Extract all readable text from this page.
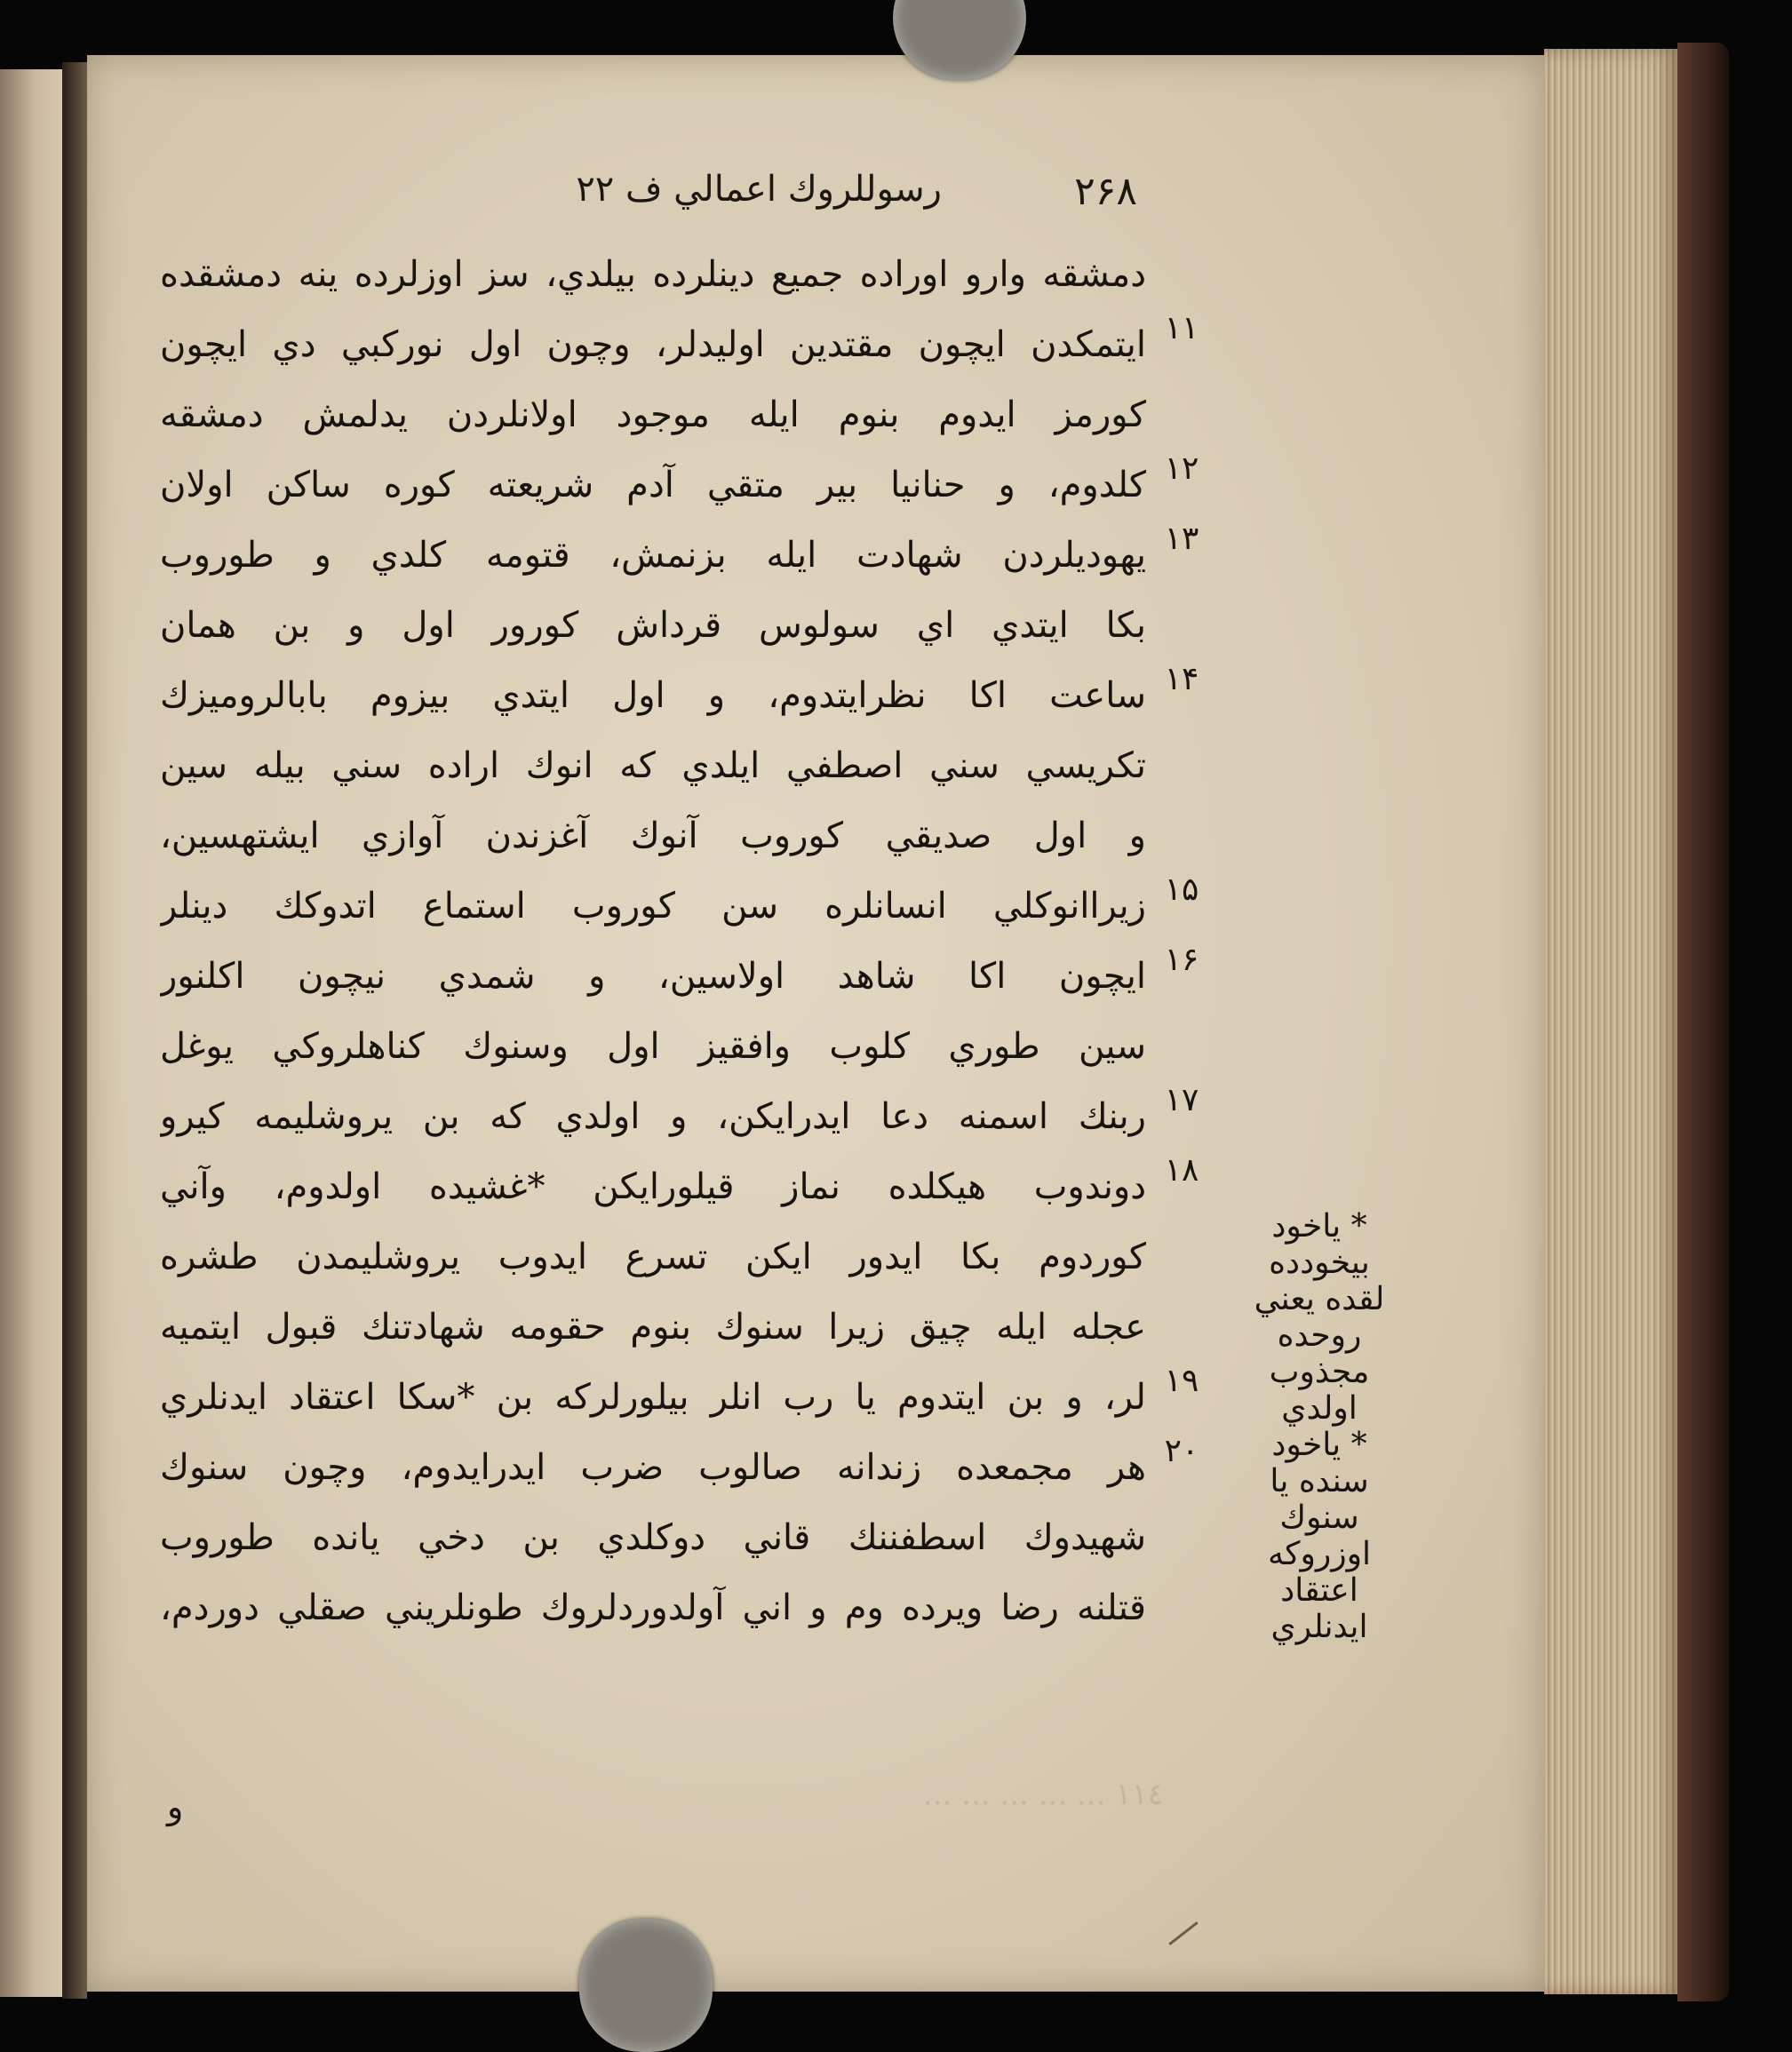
۲۶۸
رسوللروك اعمالي ف ۲۲
دمشقه وارو اوراده جميع دينلرده بيلدي، سز اوزلرده ينه دمشقده
ايتمكدن ايچون مقتدين اوليدلر، وچون اول نوركبي دي ايچون
كورمز ايدوم بنوم ايله موجود اولانلردن يدلمش دمشقه
كلدوم، و حنانيا بير متقي آدم شريعته كوره ساكن اولان
يهوديلردن شهادت ايله بزنمش، قتومه كلدي و طوروب
بكا ايتدي اي سولوس قرداش كورور اول و بن همان
ساعت اكا نظرايتدوم، و اول ايتدي بيزوم بابالروميزك
تكريسي سني اصطفي ايلدي كه انوك اراده سني بيله سين
و اول صديقي كوروب آنوك آغزندن آوازي ايشتهسين،
زيراانوكلي انسانلره سن كوروب استماع اتدوكك دينلر
ايچون اكا شاهد اولاسين، و شمدي نيچون اكلنور
سين طوري كلوب وافقيز اول وسنوك كناهلروكي يوغل
ربنك اسمنه دعا ايدرايكن، و اولدي كه بن يروشليمه كيرو
دوندوب هيكلده نماز قيلورايكن *غشيده اولدوم، وآني
كوردوم بكا ايدور ايكن تسرع ايدوب يروشليمدن طشره
عجله ايله چيق زيرا سنوك بنوم حقومه شهادتنك قبول ايتميه
لر، و بن ايتدوم يا رب انلر بيلورلركه بن *سكا اعتقاد ايدنلري
هر مجمعده زندانه صالوب ضرب ايدرايدوم، وچون سنوك
شهيدوك اسطفننك قاني دوكلدي بن دخي يانده طوروب
قتلنه رضا ويرده وم و اني آولدوردلروك طونلريني صقلي دوردم،
* ياخود
بيخودده
لقده يعني
روحده
مجذوب
اولدي
* ياخود
سنده يا
سنوك
اوزروكه
اعتقاد
ايدنلري
١١٤ ... ... ... ... ...
و
۱۱
۱۲
۱۳
۱۴
۱۵
۱۶
۱۷
۱۸
۱۹
۲۰
